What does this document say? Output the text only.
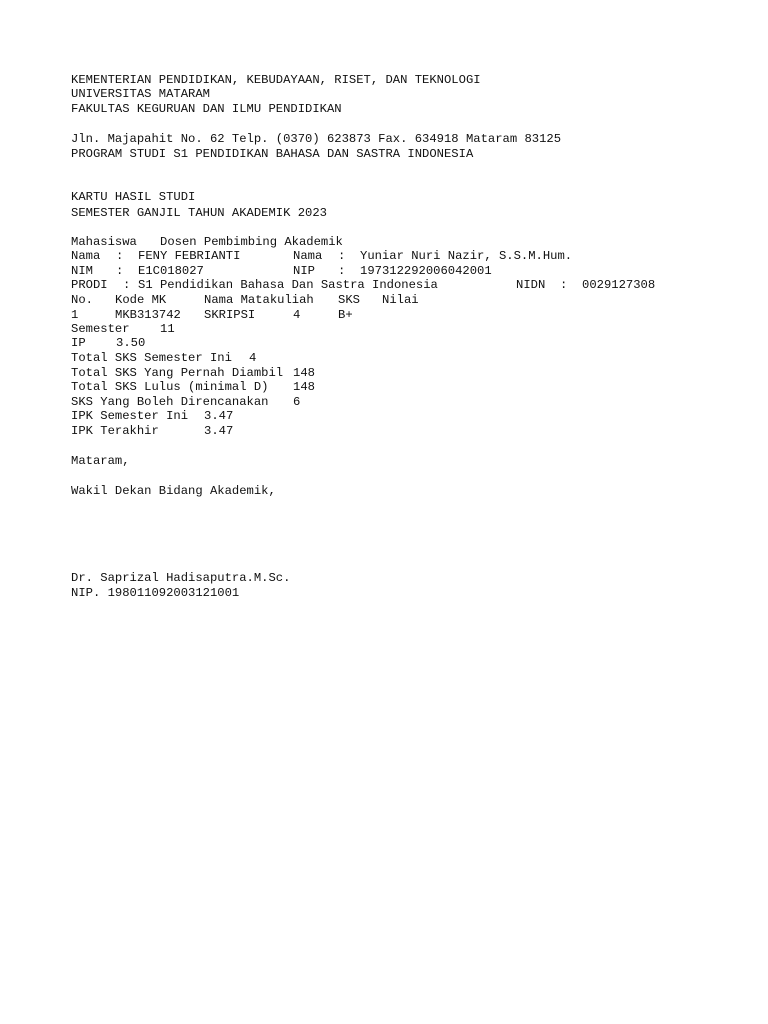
KEMENTERIAN PENDIDIKAN, KEBUDAYAAN, RISET, DAN TEKNOLOGI
UNIVERSITAS MATARAM
FAKULTAS KEGURUAN DAN ILMU PENDIDIKAN
Jln. Majapahit No. 62 Telp. (0370) 623873 Fax. 634918 Mataram 83125
PROGRAM STUDI S1 PENDIDIKAN BAHASA DAN SASTRA INDONESIA
KARTU HASIL STUDI
SEMESTER GANJIL TAHUN AKADEMIK 2023
Mahasiswa Dosen Pembimbing Akademik
Nama : FENY FEBRIANTI	Nama : Yuniar Nuri Nazir, S.S.M.Hum.
NIM : E1C018027	NIP : 197312292006042001
PRODI : S1 Pendidikan Bahasa Dan Sastra Indonesia	NIDN : 0029127308
No. Kode MK	Nama Matakuliah SKS Nilai
1	MKB313742 SKRIPSI	4	B+
Semester 11
IP 3.50
Total SKS Semester Ini 4
Total SKS Yang Pernah Diambil 148
Total SKS Lulus (minimal D) 148
SKS Yang Boleh Direncanakan 6
IPK Semester Ini 3.47
IPK Terakhir	3.47
Mataram,
Wakil Dekan Bidang Akademik,
Dr. Saprizal Hadisaputra.M.Sc.
NIP. 198011092003121001
